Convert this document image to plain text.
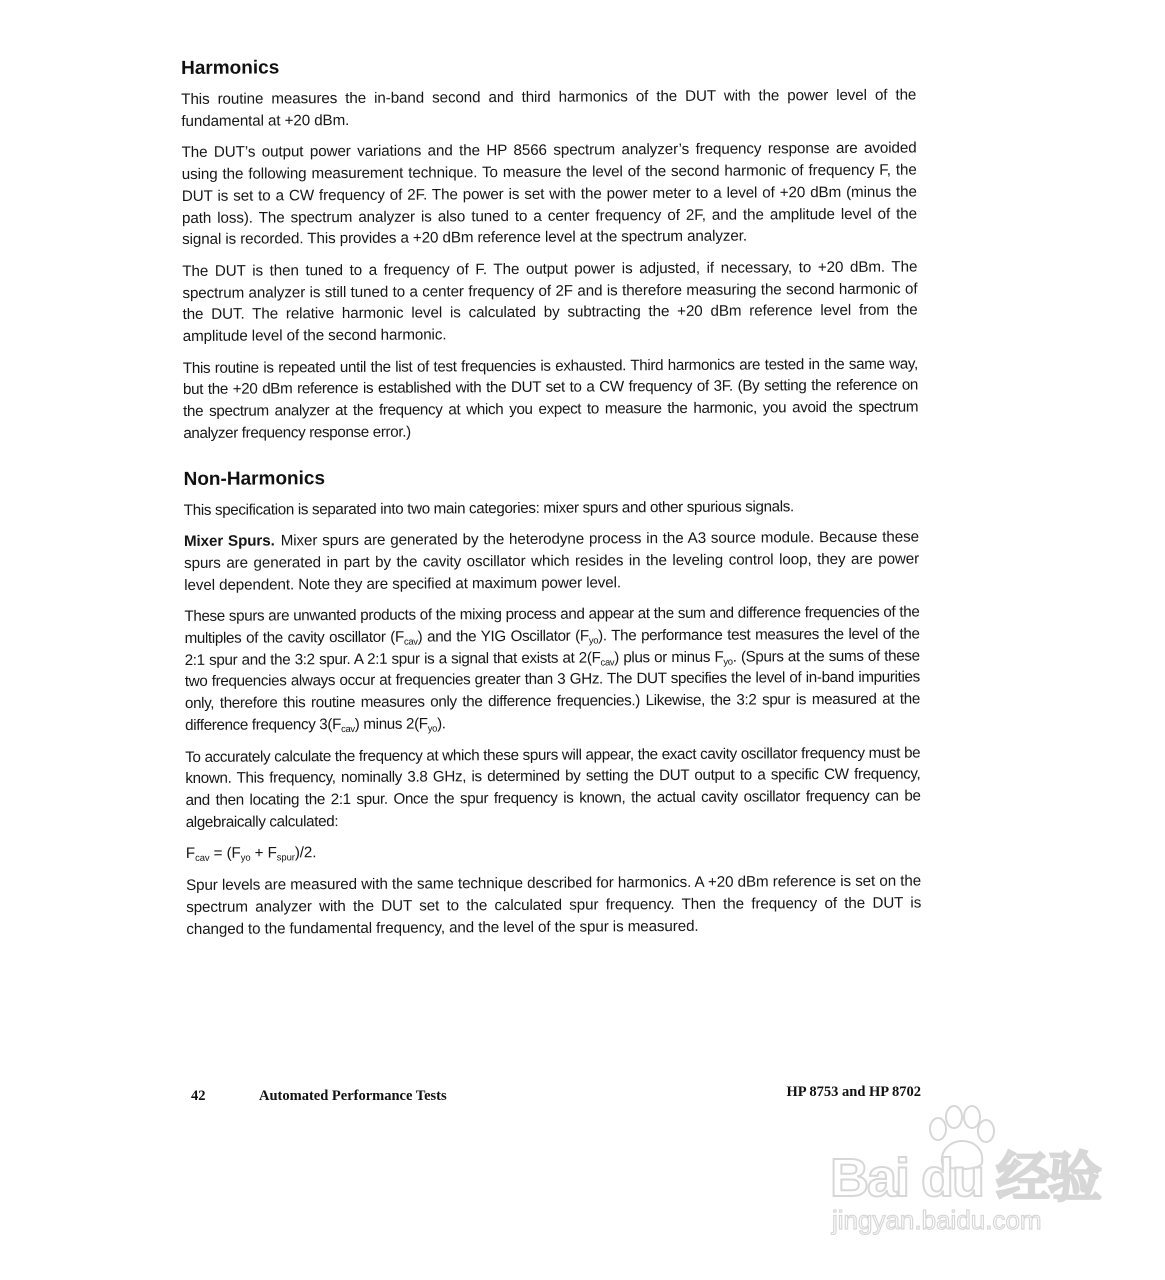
Harmonics

This routine measures the in-band second and third harmonics of the DUT with the power level of the fundamental at +20 dBm.

The DUT’s output power variations and the HP 8566 spectrum analyzer’s frequency response are avoided using the following measurement technique. To measure the level of the second harmonic of frequency F, the DUT is set to a CW frequency of 2F. The power is set with the power meter to a level of +20 dBm (minus the path loss). The spectrum analyzer is also tuned to a center frequency of 2F, and the amplitude level of the signal is recorded. This provides a +20 dBm reference level at the spectrum analyzer.

The DUT is then tuned to a frequency of F. The output power is adjusted, if necessary, to +20 dBm. The spectrum analyzer is still tuned to a center frequency of 2F and is therefore measuring the second harmonic of the DUT. The relative harmonic level is calculated by subtracting the +20 dBm reference level from the amplitude level of the second harmonic.

This routine is repeated until the list of test frequencies is exhausted. Third harmonics are tested in the same way, but the +20 dBm reference is established with the DUT set to a CW frequency of 3F. (By setting the reference on the spectrum analyzer at the frequency at which you expect to measure the harmonic, you avoid the spectrum analyzer frequency response error.)

Non-Harmonics

This specification is separated into two main categories: mixer spurs and other spurious signals.

Mixer Spurs. Mixer spurs are generated by the heterodyne process in the A3 source module. Because these spurs are generated in part by the cavity oscillator which resides in the leveling control loop, they are power level dependent. Note they are specified at maximum power level.

These spurs are unwanted products of the mixing process and appear at the sum and difference frequencies of the multiples of the cavity oscillator $(F_{cav})$ and the YIG Oscillator $(F_{yo})$. The performance test measures the level of the 2:1 spur and the 3:2 spur. A 2:1 spur is a signal that exists at $2(F_{cav})$ plus or minus $F_{yo}$. (Spurs at the sums of these two frequencies always occur at frequencies greater than 3 GHz. The DUT specifies the level of in-band impurities only, therefore this routine measures only the difference frequencies.) Likewise, the 3:2 spur is measured at the difference frequency $3(F_{cav})$ minus $2(F_{yo})$.

To accurately calculate the frequency at which these spurs will appear, the exact cavity oscillator frequency must be known. This frequency, nominally 3.8 GHz, is determined by setting the DUT output to a specific CW frequency, and then locating the 2:1 spur. Once the spur frequency is known, the actual cavity oscillator frequency can be algebraically calculated:

$F_{cav} = (F_{yo} + F_{spur})/2$.

Spur levels are measured with the same technique described for harmonics. A +20 dBm reference is set on the spectrum analyzer with the DUT set to the calculated spur frequency. Then the frequency of the DUT is changed to the fundamental frequency, and the level of the spur is measured.

42	Automated Performance Tests	HP 8753 and HP 8702
Bai du 经验
jingyan.baidu.com
